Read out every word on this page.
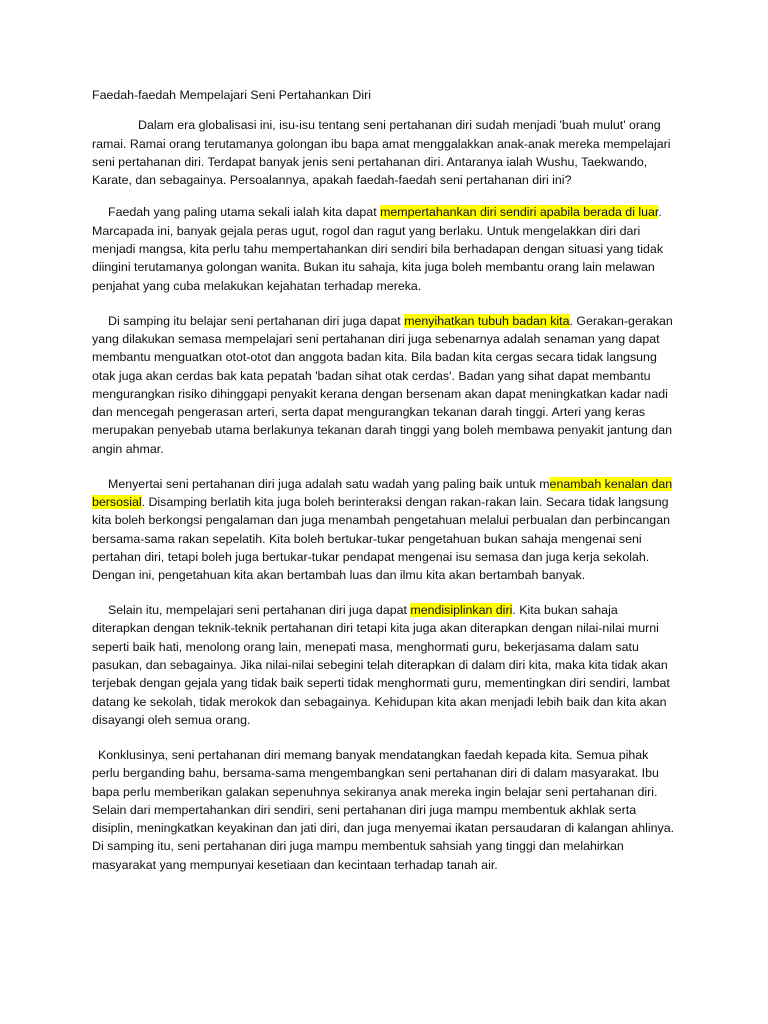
Faedah-faedah Mempelajari Seni Pertahankan Diri

Dalam era globalisasi ini, isu-isu tentang seni pertahanan diri sudah menjadi 'buah mulut' orang ramai. Ramai orang terutamanya golongan ibu bapa amat menggalakkan anak-anak mereka mempelajari seni pertahanan diri. Terdapat banyak jenis seni pertahanan diri. Antaranya ialah Wushu, Taekwando, Karate, dan sebagainya. Persoalannya, apakah faedah-faedah seni pertahanan diri ini?

Faedah yang paling utama sekali ialah kita dapat mempertahankan diri sendiri apabila berada di luar. Marcapada ini, banyak gejala peras ugut, rogol dan ragut yang berlaku. Untuk mengelakkan diri dari menjadi mangsa, kita perlu tahu mempertahankan diri sendiri bila berhadapan dengan situasi yang tidak diingini terutamanya golongan wanita. Bukan itu sahaja, kita juga boleh membantu orang lain melawan penjahat yang cuba melakukan kejahatan terhadap mereka.

Di samping itu belajar seni pertahanan diri juga dapat menyihatkan tubuh badan kita. Gerakan-gerakan yang dilakukan semasa mempelajari seni pertahanan diri juga sebenarnya adalah senaman yang dapat membantu menguatkan otot-otot dan anggota badan kita. Bila badan kita cergas secara tidak langsung otak juga akan cerdas bak kata pepatah 'badan sihat otak cerdas'. Badan yang sihat dapat membantu mengurangkan risiko dihinggapi penyakit kerana dengan bersenam akan dapat meningkatkan kadar nadi dan mencegah pengerasan arteri, serta dapat mengurangkan tekanan darah tinggi. Arteri yang keras merupakan penyebab utama berlakunya tekanan darah tinggi yang boleh membawa penyakit jantung dan angin ahmar.

Menyertai seni pertahanan diri juga adalah satu wadah yang paling baik untuk menambah kenalan dan bersosial. Disamping berlatih kita juga boleh berinteraksi dengan rakan-rakan lain. Secara tidak langsung kita boleh berkongsi pengalaman dan juga menambah pengetahuan melalui perbualan dan perbincangan bersama-sama rakan sepelatih. Kita boleh bertukar-tukar pengetahuan bukan sahaja mengenai seni pertahan diri, tetapi boleh juga bertukar-tukar pendapat mengenai isu semasa dan juga kerja sekolah. Dengan ini, pengetahuan kita akan bertambah luas dan ilmu kita akan bertambah banyak.

Selain itu, mempelajari seni pertahanan diri juga dapat mendisiplinkan diri. Kita bukan sahaja diterapkan dengan teknik-teknik pertahanan diri tetapi kita juga akan diterapkan dengan nilai-nilai murni seperti baik hati, menolong orang lain, menepati masa, menghormati guru, bekerjasama dalam satu pasukan, dan sebagainya. Jika nilai-nilai sebegini telah diterapkan di dalam diri kita, maka kita tidak akan terjebak dengan gejala yang tidak baik seperti tidak menghormati guru, mementingkan diri sendiri, lambat datang ke sekolah, tidak merokok dan sebagainya. Kehidupan kita akan menjadi lebih baik dan kita akan disayangi oleh semua orang.

Konklusinya, seni pertahanan diri memang banyak mendatangkan faedah kepada kita. Semua pihak perlu berganding bahu, bersama-sama mengembangkan seni pertahanan diri di dalam masyarakat. Ibu bapa perlu memberikan galakan sepenuhnya sekiranya anak mereka ingin belajar seni pertahanan diri. Selain dari mempertahankan diri sendiri, seni pertahanan diri juga mampu membentuk akhlak serta disiplin, meningkatkan keyakinan dan jati diri, dan juga menyemai ikatan persaudaran di kalangan ahlinya. Di samping itu, seni pertahanan diri juga mampu membentuk sahsiah yang tinggi dan melahirkan masyarakat yang mempunyai kesetiaan dan kecintaan terhadap tanah air.
